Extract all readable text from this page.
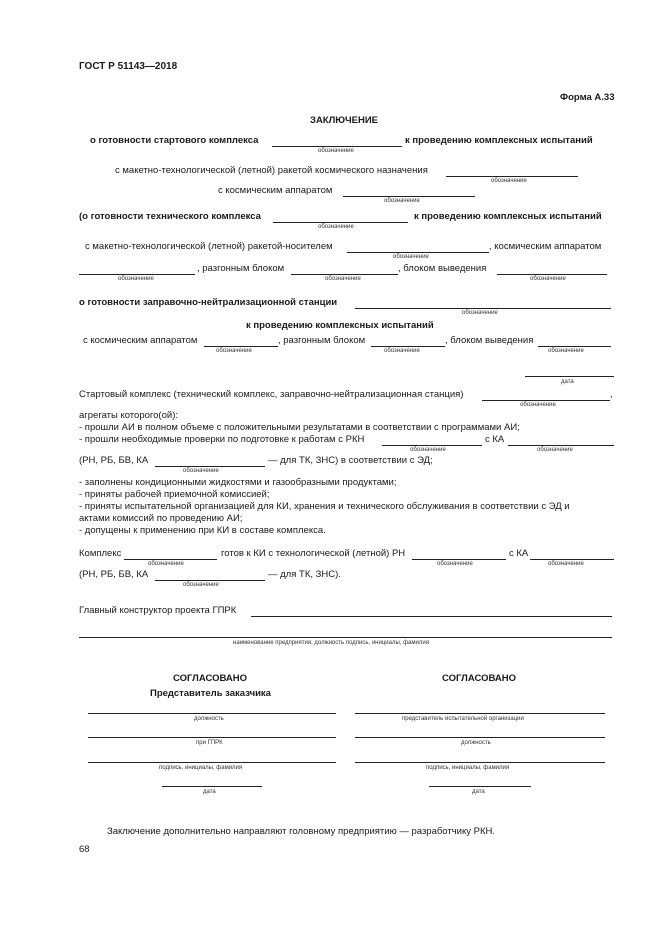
ГОСТ Р 51143—2018
Форма А.33
ЗАКЛЮЧЕНИЕ
о готовности стартового комплекса
обозначение
к проведению комплексных испытаний
с макетно-технологической (летной) ракетой космического назначения
обозначение
с космическим аппаратом
обозначение
(о готовности технического комплекса
обозначение
к проведению комплексных испытаний
с макетно-технологической (летной) ракетой-носителем
обозначение
, космическим аппаратом
обозначение
, разгонным блоком
обозначение
, блоком выведения
обозначение
о готовности заправочно-нейтрализационной станции
обозначение
к проведению комплексных испытаний
с космическим аппаратом
обозначение
, разгонным блоком
обозначение
, блоком выведения
обозначение
дата
Стартовый комплекс (технический комплекс, заправочно-нейтрализационная станция)
обозначение
,
агрегаты которого(ой):
- прошли АИ в полном объеме с положительными результатами в соответствии с программами АИ;
- прошли необходимые проверки по подготовке к работам с РКН
обозначение
с КА
обозначение
(РН, РБ, БВ, КА
обозначение
— для ТК, ЗНС) в соответствии с ЭД;
- заполнены кондиционными жидкостями и газообразными продуктами;
- приняты рабочей приемочной комиссией;
- приняты испытательной организацией для КИ, хранения и технического обслуживания в соответствии с ЭД и
актами комиссий по проведению АИ;
- допущены к применению при КИ в составе комплекса.
Комплекс
обозначение
готов к КИ с технологической (летной) РН
обозначение
с КА
обозначение
(РН, РБ, БВ, КА
обозначение
— для ТК, ЗНС).
Главный конструктор проекта ГПРК
наименование предприятия, должность подпись, инициалы, фамилия
СОГЛАСОВАНО
Представитель заказчика
должность
при ГПРК
подпись, инициалы, фамилия
дата
СОГЛАСОВАНО
представитель испытательной организации
должность
подпись, инициалы, фамилия
дата
Заключение дополнительно направляют головному предприятию — разработчику РКН.
68
